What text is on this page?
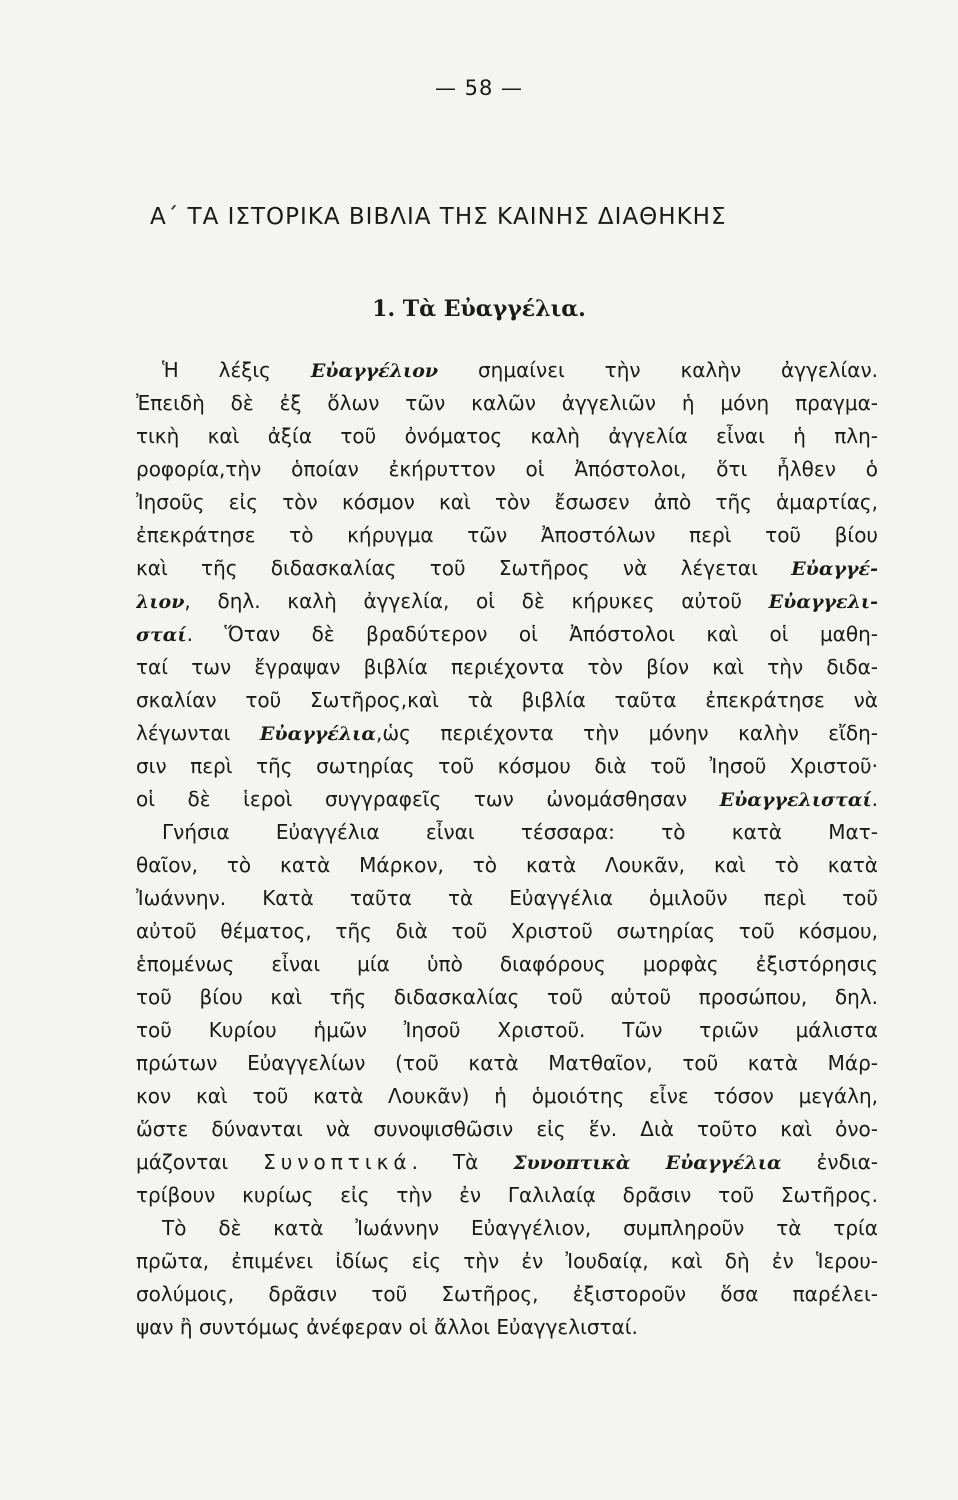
— 58 —
Α΄ ΤΑ ΙΣΤΟΡΙΚΑ ΒΙΒΛΙΑ ΤΗΣ ΚΑΙΝΗΣ ΔΙΑΘΗΚΗΣ
1. Τὰ Εὐαγγέλια.
Ἡ λέξις Εὐαγγέλιον σημαίνει τὴν καλὴν ἀγγελίαν.
Ἐπειδὴ δὲ ἐξ ὅλων τῶν καλῶν ἀγγελιῶν ἡ μόνη πραγμα-
τικὴ καὶ ἀξία τοῦ ὀνόματος καλὴ ἀγγελία εἶναι ἡ πλη-
ροφορία,τὴν ὁποίαν ἐκήρυττον οἱ Ἀπόστολοι, ὅτι ἦλθεν ὁ
Ἰησοῦς εἰς τὸν κόσμον καὶ τὸν ἔσωσεν ἀπὸ τῆς ἁμαρτίας,
ἐπεκράτησε τὸ κήρυγμα τῶν Ἀποστόλων περὶ τοῦ βίου
καὶ τῆς διδασκαλίας τοῦ Σωτῆρος νὰ λέγεται Εὐαγγέ-
λιον, δηλ. καλὴ ἀγγελία, οἱ δὲ κήρυκες αὐτοῦ Εὐαγγελι-
σταί. Ὅταν δὲ βραδύτερον οἱ Ἀπόστολοι καὶ οἱ μαθη-
ταί των ἔγραψαν βιβλία περιέχοντα τὸν βίον καὶ τὴν διδα-
σκαλίαν τοῦ Σωτῆρος,καὶ τὰ βιβλία ταῦτα ἐπεκράτησε νὰ
λέγωνται Εὐαγγέλια,ὡς περιέχοντα τὴν μόνην καλὴν εἴδη-
σιν περὶ τῆς σωτηρίας τοῦ κόσμου διὰ τοῦ Ἰησοῦ Χριστοῦ·
οἱ δὲ ἱεροὶ συγγραφεῖς των ὠνομάσθησαν Εὐαγγελισταί.
Γνήσια Εὐαγγέλια εἶναι τέσσαρα: τὸ κατὰ Ματ-
θαῖον, τὸ κατὰ Μάρκον, τὸ κατὰ Λουκᾶν, καὶ τὸ κατὰ
Ἰωάννην. Κατὰ ταῦτα τὰ Εὐαγγέλια ὁμιλοῦν περὶ τοῦ
αὐτοῦ θέματος, τῆς διὰ τοῦ Χριστοῦ σωτηρίας τοῦ κόσμου,
ἑπομένως εἶναι μία ὑπὸ διαφόρους μορφὰς ἐξιστόρησις
τοῦ βίου καὶ τῆς διδασκαλίας τοῦ αὐτοῦ προσώπου, δηλ.
τοῦ Κυρίου ἡμῶν Ἰησοῦ Χριστοῦ. Τῶν τριῶν μάλιστα
πρώτων Εὐαγγελίων (τοῦ κατὰ Ματθαῖον, τοῦ κατὰ Μάρ-
κον καὶ τοῦ κατὰ Λουκᾶν) ἡ ὁμοιότης εἶνε τόσον μεγάλη,
ὥστε δύνανται νὰ συνοψισθῶσιν εἰς ἕν. Διὰ τοῦτο καὶ ὀνο-
μάζονται Συνοπτικά. Τὰ Συνοπτικὰ Εὐαγγέλια ἐνδια-
τρίβουν κυρίως εἰς τὴν ἐν Γαλιλαίᾳ δρᾶσιν τοῦ Σωτῆρος.
Τὸ δὲ κατὰ Ἰωάννην Εὐαγγέλιον, συμπληροῦν τὰ τρία
πρῶτα, ἐπιμένει ἰδίως εἰς τὴν ἐν Ἰουδαίᾳ, καὶ δὴ ἐν Ἱερου-
σολύμοις, δρᾶσιν τοῦ Σωτῆρος, ἐξιστοροῦν ὅσα παρέλει-
ψαν ἢ συντόμως ἀνέφεραν οἱ ἄλλοι Εὐαγγελισταί.
